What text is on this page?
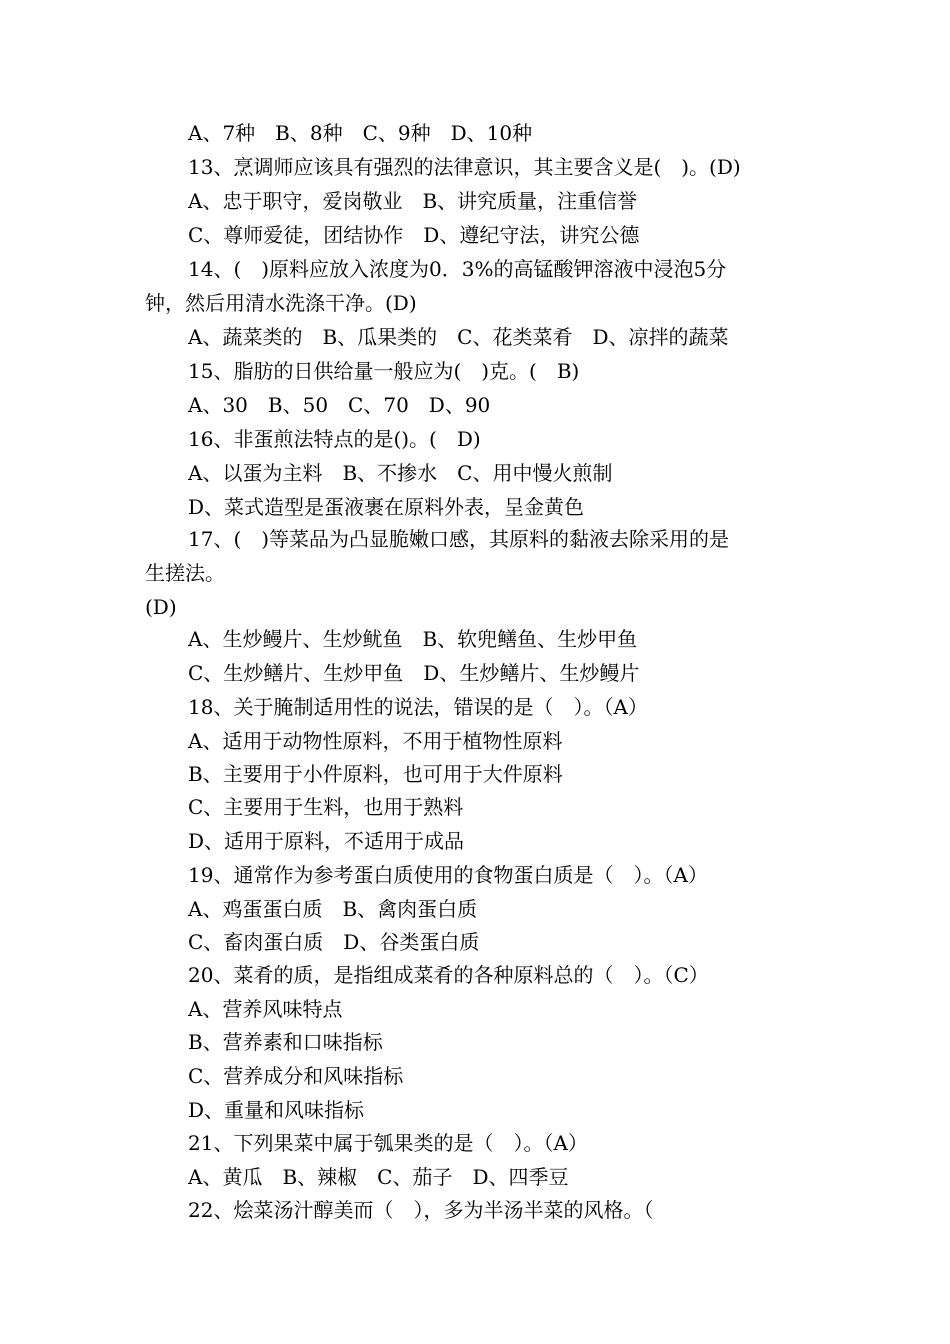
A、7种　B、8种　C、9种　D、10种
13、烹调师应该具有强烈的法律意识，其主要含义是(　)。(D)
A、忠于职守，爱岗敬业　B、讲究质量，注重信誉
C、尊师爱徒，团结协作　D、遵纪守法，讲究公德
14、(　)原料应放入浓度为0．3%的高锰酸钾溶液中浸泡5分
钟，然后用清水洗涤干净。(D)
A、蔬菜类的　B、瓜果类的　C、花类菜肴　D、凉拌的蔬菜
15、脂肪的日供给量一般应为(　)克。(　B)
A、30　B、50　C、70　D、90
16、非蛋煎法特点的是()。(　D)
A、以蛋为主料　B、不掺水　C、用中慢火煎制
D、菜式造型是蛋液裹在原料外表，呈金黄色
17、(　)等菜品为凸显脆嫩口感，其原料的黏液去除采用的是
生搓法。
(D)
A、生炒鳗片、生炒鱿鱼　B、软兜鳝鱼、生炒甲鱼
C、生炒鳝片、生炒甲鱼　D、生炒鳝片、生炒鳗片
18、关于腌制适用性的说法，错误的是（　）。（A）
A、适用于动物性原料，不用于植物性原料
B、主要用于小件原料，也可用于大件原料
C、主要用于生料，也用于熟料
D、适用于原料，不适用于成品
19、通常作为参考蛋白质使用的食物蛋白质是（　）。（A）
A、鸡蛋蛋白质　B、禽肉蛋白质
C、畜肉蛋白质　D、谷类蛋白质
20、菜肴的质，是指组成菜肴的各种原料总的（　）。（C）
A、营养风味特点
B、营养素和口味指标
C、营养成分和风味指标
D、重量和风味指标
21、下列果菜中属于瓠果类的是（　）。（A）
A、黄瓜　B、辣椒　C、茄子　D、四季豆
22、烩菜汤汁醇美而（　），多为半汤半菜的风格。（
